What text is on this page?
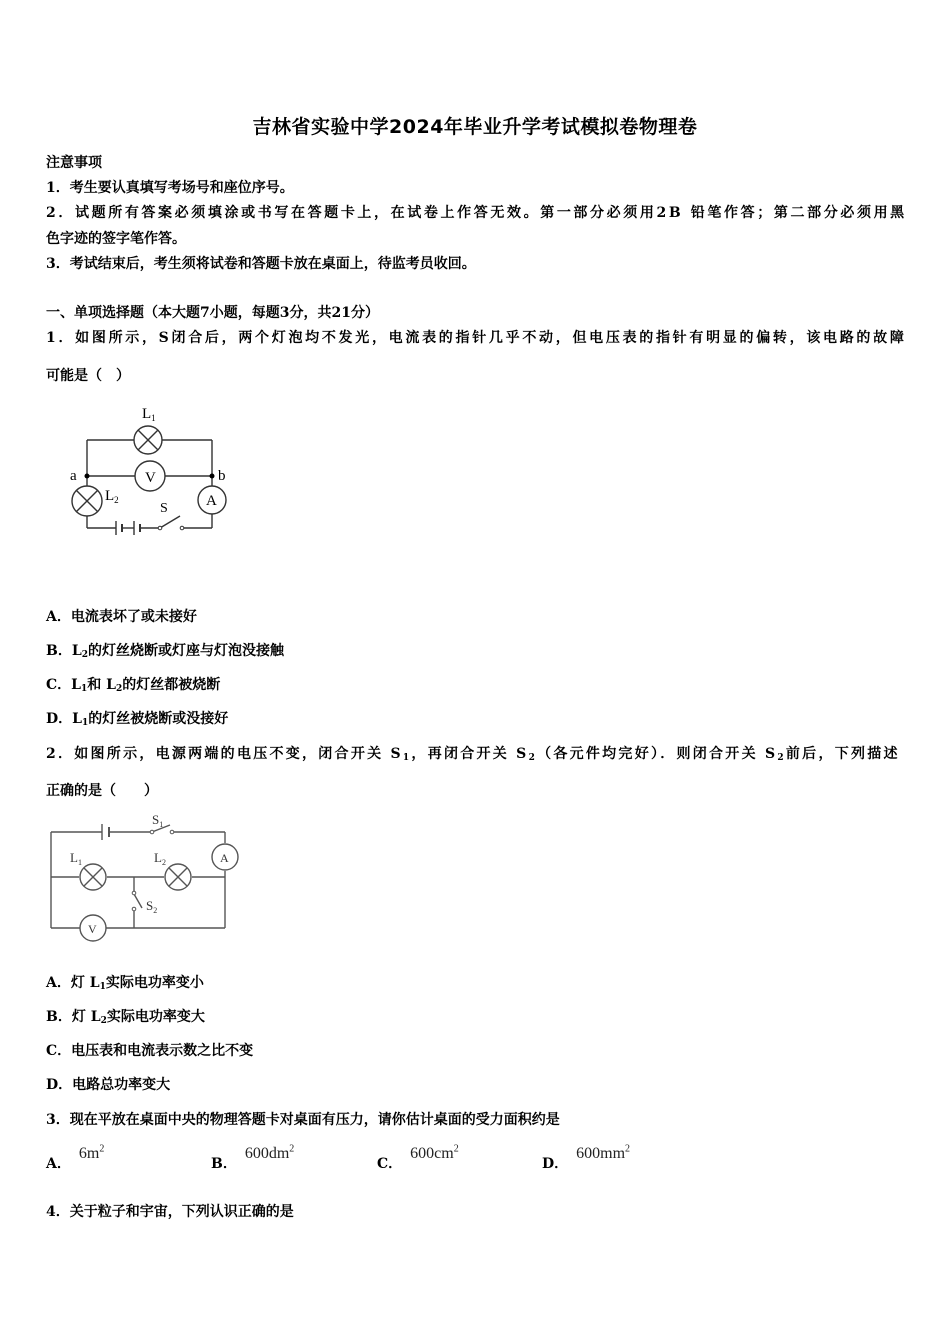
吉林省实验中学2024年毕业升学考试模拟卷物理卷
注意事项
1．考生要认真填写考场号和座位序号。
2．试题所有答案必须填涂或书写在答题卡上，在试卷上作答无效。第一部分必须用2B 铅笔作答；第二部分必须用黑
色字迹的签字笔作答。
3．考试结束后，考生须将试卷和答题卡放在桌面上，待监考员收回。
一、单项选择题（本大题7小题，每题3分，共21分）
1．如图所示，S闭合后，两个灯泡均不发光，电流表的指针几乎不动，但电压表的指针有明显的偏转，该电路的故障
可能是（　）
$L_1$
V
$L_2$	A
a	b
S
A．电流表坏了或未接好
B．$L_2$的灯丝烧断或灯座与灯泡没接触
C．$L_1$和 $L_2$的灯丝都被烧断
D．$L_1$的灯丝被烧断或没接好
2．如图所示，电源两端的电压不变，闭合开关 $S_1$，再闭合开关 $S_2$（各元件均完好）．则闭合开关 $S_2$前后，下列描述
正确的是（　　）
$S_1$
$L_1$	$L_2$	A
V
$S_2$
A．灯 $L_1$实际电功率变小
B．灯 $L_2$实际电功率变大
C．电压表和电流表示数之比不变
D．电路总功率变大
3．现在平放在桌面中央的物理答题卡对桌面有压力，请你估计桌面的受力面积约是
A．$6m^2$
B．$600dm^2$
C．$600cm^2$
D．$600mm^2$
4．关于粒子和宇宙，下列认识正确的是
